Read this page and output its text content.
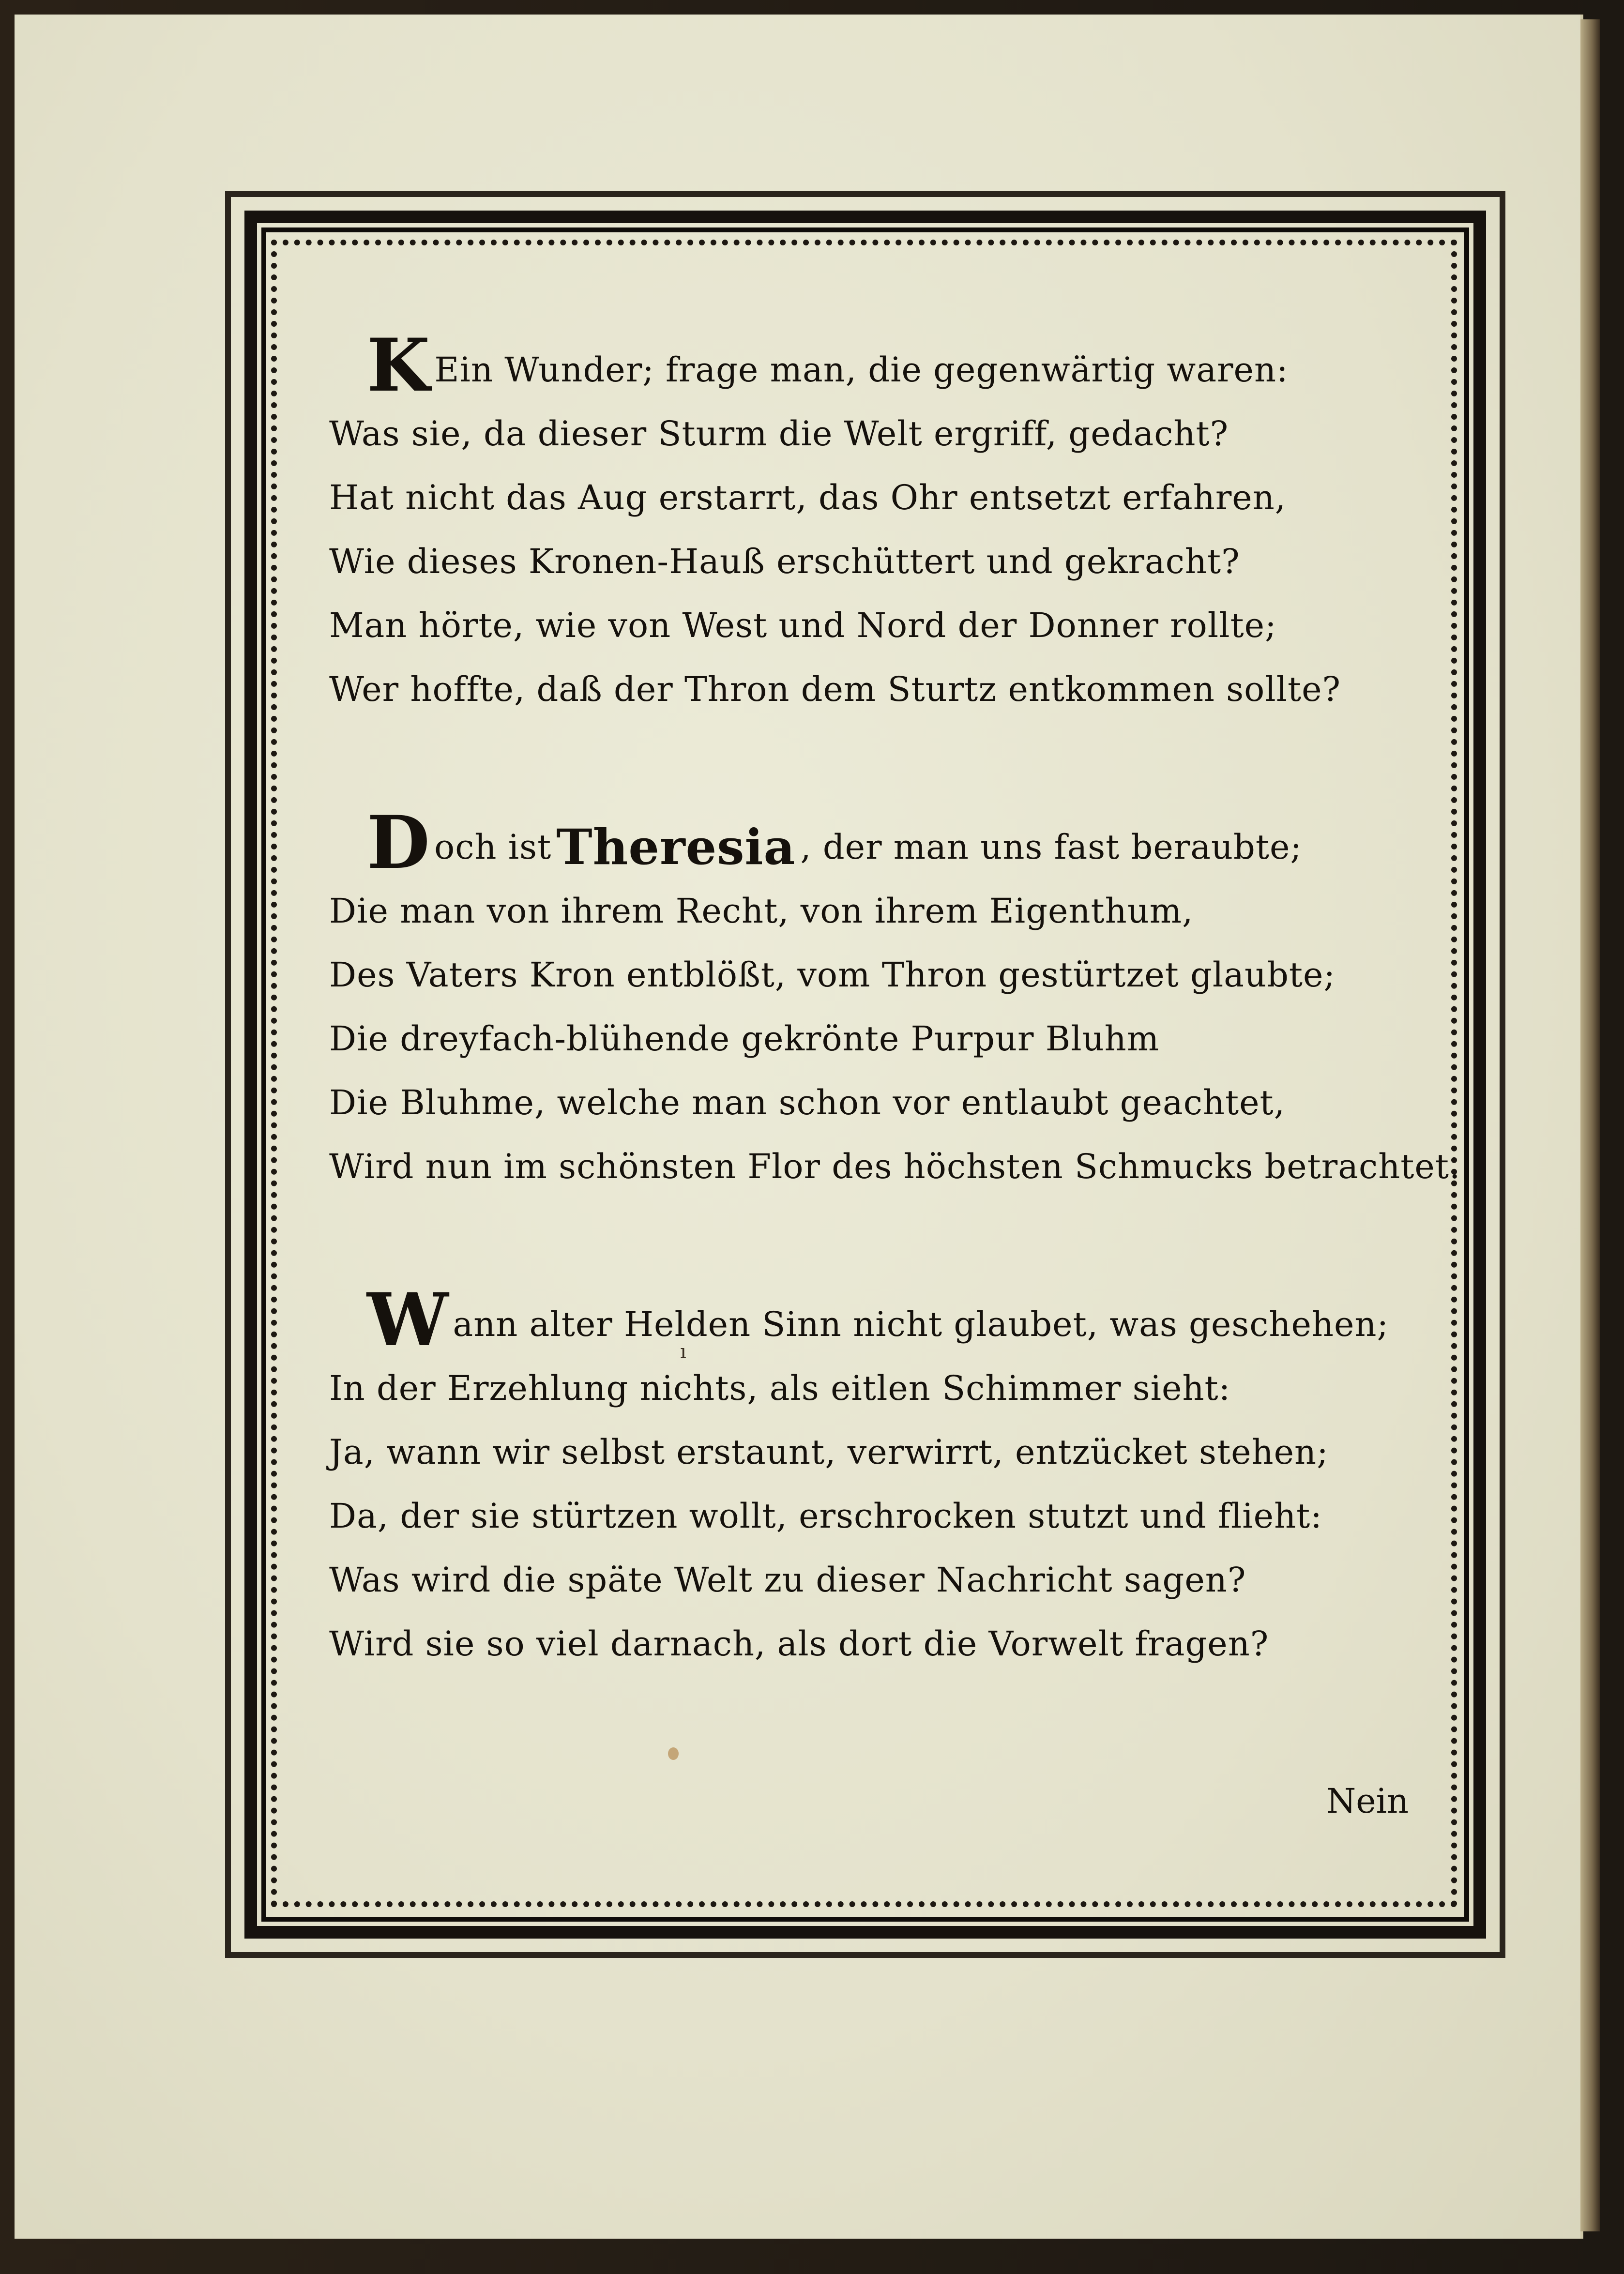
ı
K Ein Wunder; frage man, die gegenwärtig waren:
Was sie, da dieser Sturm die Welt ergriff, gedacht?
Hat nicht das Aug erstarrt, das Ohr entsetzt erfahren,
Wie dieses Kronen-Hauß erschüttert und gekracht?
Man hörte, wie von West und Nord der Donner rollte;
Wer hoffte, daß der Thron dem Sturtz entkommen sollte?
D och ist Theresia , der man uns fast beraubte;
Die man von ihrem Recht, von ihrem Eigenthum,
Des Vaters Kron entblößt, vom Thron gestürtzet glaubte;
Die dreyfach-blühende gekrönte Purpur Bluhm
Die Bluhme, welche man schon vor entlaubt geachtet,
Wird nun im schönsten Flor des höchsten Schmucks betrachtet.
W ann alter Helden Sinn nicht glaubet, was geschehen;
In der Erzehlung nichts, als eitlen Schimmer sieht:
Ja, wann wir selbst erstaunt, verwirrt, entzücket stehen;
Da, der sie stürtzen wollt, erschrocken stutzt und flieht:
Was wird die späte Welt zu dieser Nachricht sagen?
Wird sie so viel darnach, als dort die Vorwelt fragen?
Nein
